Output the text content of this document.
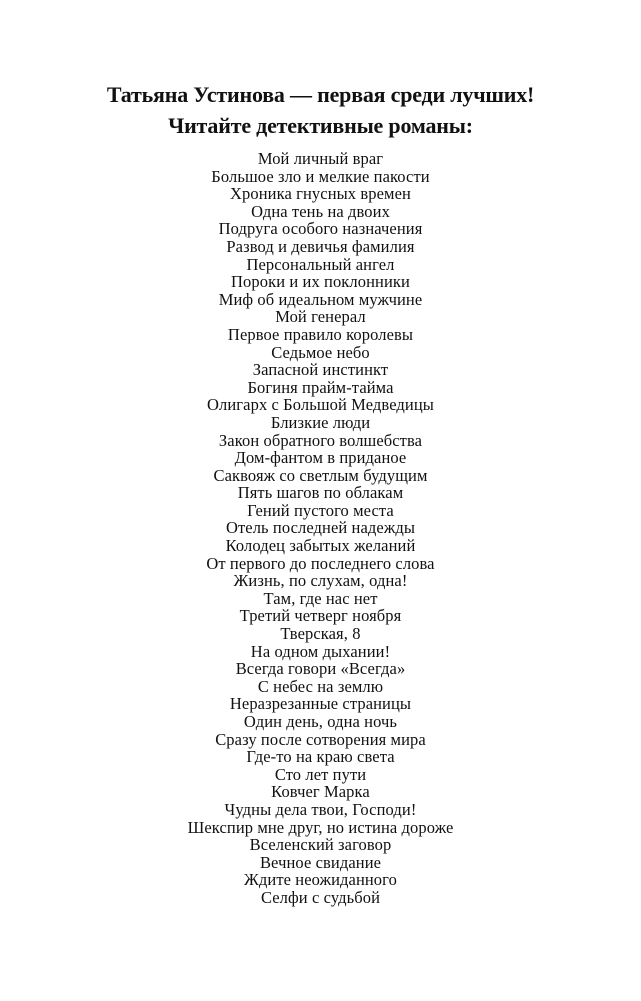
Татьяна Устинова — первая среди лучших!
Читайте детективные романы:
Мой личный враг
Большое зло и мелкие пакости
Хроника гнусных времен
Одна тень на двоих
Подруга особого назначения
Развод и девичья фамилия
Персональный ангел
Пороки и их поклонники
Миф об идеальном мужчине
Мой генерал
Первое правило королевы
Седьмое небо
Запасной инстинкт
Богиня прайм-тайма
Олигарх с Большой Медведицы
Близкие люди
Закон обратного волшебства
Дом-фантом в приданое
Саквояж со светлым будущим
Пять шагов по облакам
Гений пустого места
Отель последней надежды
Колодец забытых желаний
От первого до последнего слова
Жизнь, по слухам, одна!
Там, где нас нет
Третий четверг ноября
Тверская, 8
На одном дыхании!
Всегда говори «Всегда»
С небес на землю
Неразрезанные страницы
Один день, одна ночь
Сразу после сотворения мира
Где-то на краю света
Сто лет пути
Ковчег Марка
Чудны дела твои, Господи!
Шекспир мне друг, но истина дороже
Вселенский заговор
Вечное свидание
Ждите неожиданного
Селфи с судьбой
